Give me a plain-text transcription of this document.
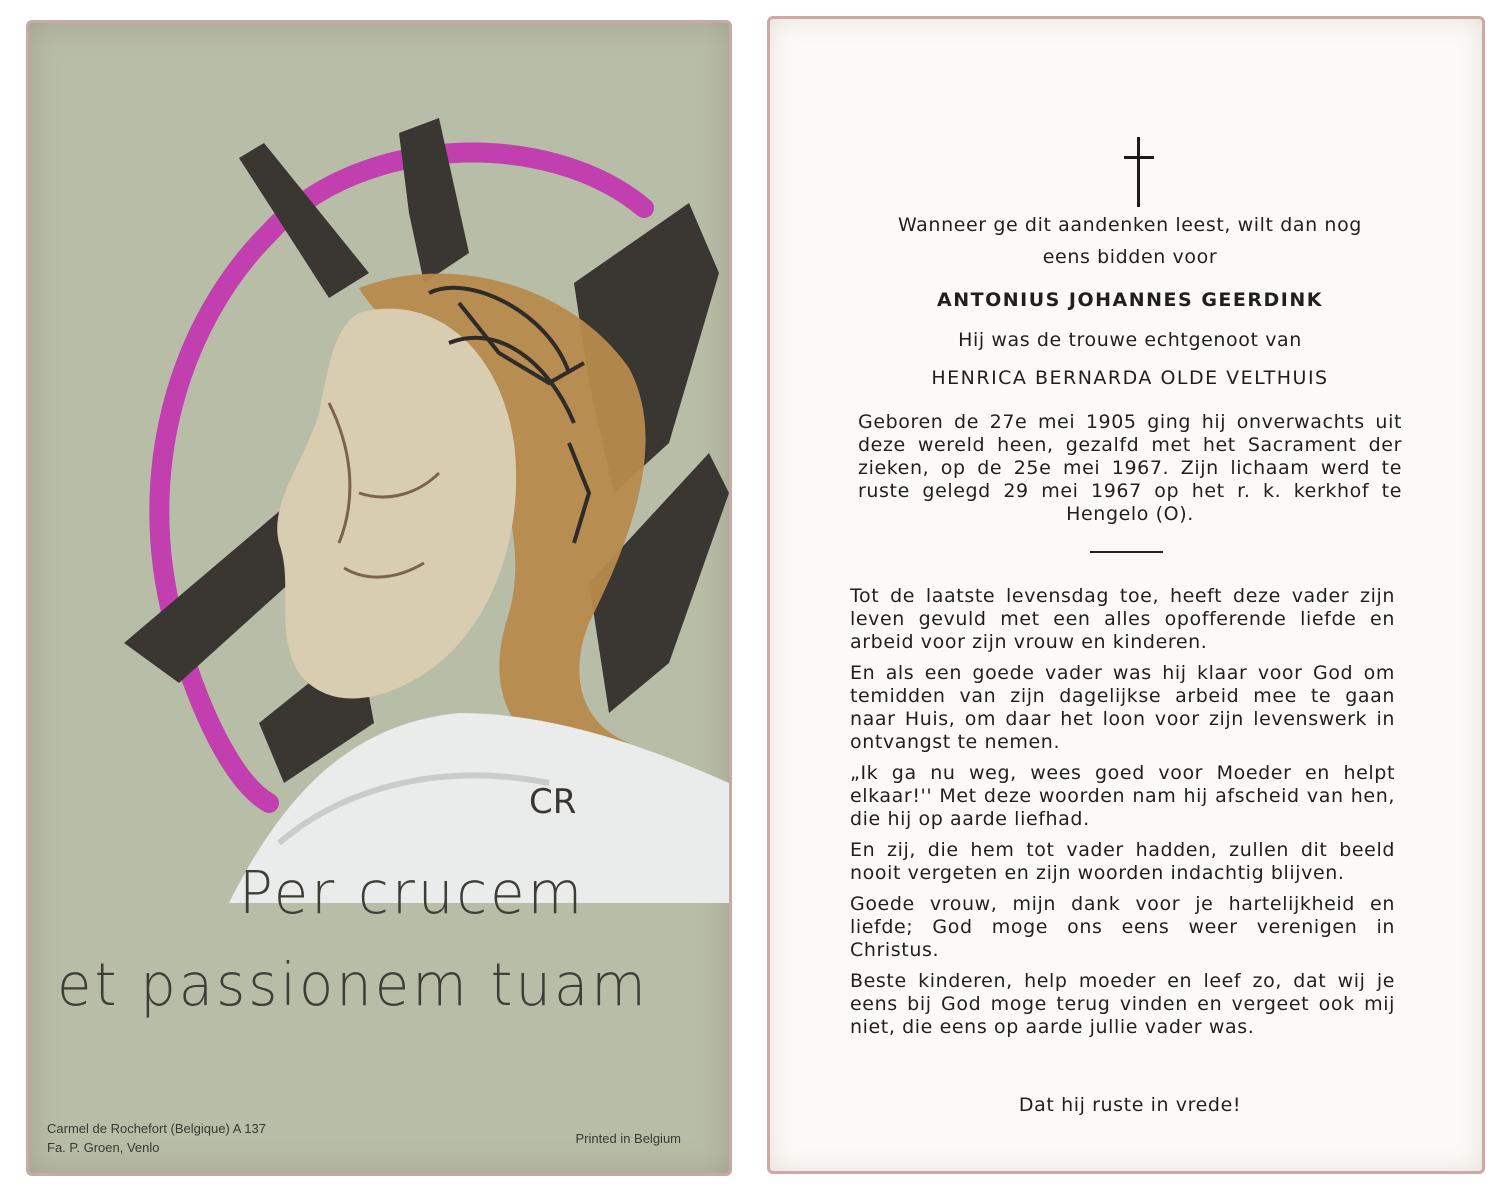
CR
Per crucem
et passionem tuam
Carmel de Rochefort (Belgique) A 137
Fa. P. Groen, Venlo
Printed in Belgium
Wanneer ge dit aandenken leest, wilt dan nog
eens bidden voor
ANTONIUS JOHANNES GEERDINK
Hij was de trouwe echtgenoot van
HENRICA BERNARDA OLDE VELTHUIS
Geboren de 27e mei 1905 ging hij onverwachts uit deze wereld heen, gezalfd met het Sacrament der zieken, op de 25e mei 1967. Zijn lichaam werd te ruste gelegd 29 mei 1967 op het r. k. kerkhof te Hengelo (O).

Tot de laatste levensdag toe, heeft deze vader zijn leven gevuld met een alles opofferende liefde en arbeid voor zijn vrouw en kinderen.

En als een goede vader was hij klaar voor God om temidden van zijn dagelijkse arbeid mee te gaan naar Huis, om daar het loon voor zijn levenswerk in ontvangst te nemen.

„Ik ga nu weg, wees goed voor Moeder en helpt elkaar!'' Met deze woorden nam hij afscheid van hen, die hij op aarde liefhad.

En zij, die hem tot vader hadden, zullen dit beeld nooit vergeten en zijn woorden indachtig blijven.

Goede vrouw, mijn dank voor je hartelijkheid en liefde; God moge ons eens weer verenigen in Christus.

Beste kinderen, help moeder en leef zo, dat wij je eens bij God moge terug vinden en vergeet ook mij niet, die eens op aarde jullie vader was.

Dat hij ruste in vrede!
